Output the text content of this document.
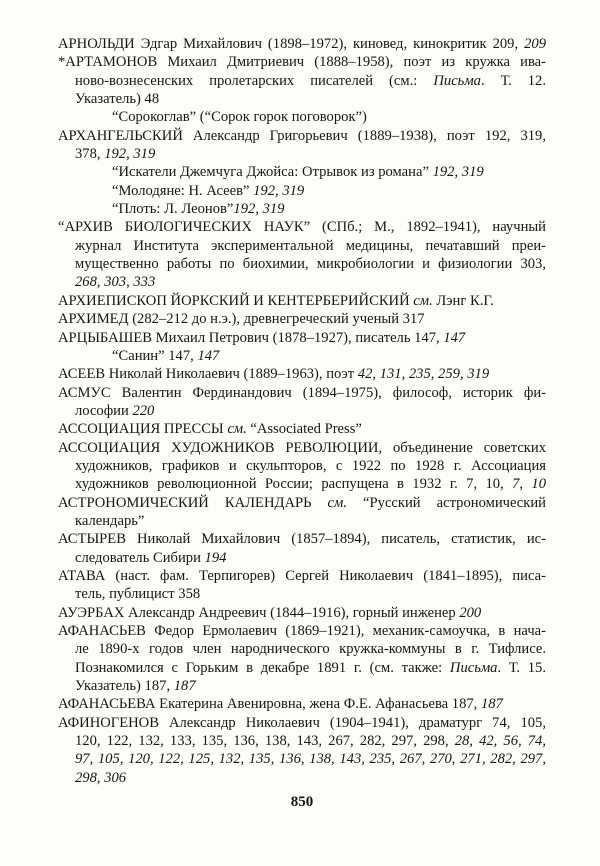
АРНОЛЬДИ Эдгар Михайлович (1898–1972), киновед, кинокритик 209, 209
*АРТАМОНОВ Михаил Дмитриевич (1888–1958), поэт из кружка ива-
ново-вознесенских пролетарских писателей (см.: Письма. Т. 12.
Указатель) 48
“Сорокоглав” (“Сорок горок поговорок”)
АРХАНГЕЛЬСКИЙ Александр Григорьевич (1889–1938), поэт 192, 319,
378, 192, 319
“Искатели Джемчуга Джойса: Отрывок из романа” 192, 319
“Молодяне: Н. Асеев” 192, 319
“Плоть: Л. Леонов”192, 319
“АРХИВ БИОЛОГИЧЕСКИХ НАУК” (СПб.; М., 1892–1941), научный
журнал Института экспериментальной медицины, печатавший преи-
мущественно работы по биохимии, микробиологии и физиологии 303,
268, 303, 333
АРХИЕПИСКОП ЙОРКСКИЙ И КЕНТЕРБЕРИЙСКИЙ см. Лэнг К.Г.
АРХИМЕД (282–212 до н.э.), древнегреческий ученый 317
АРЦЫБАШЕВ Михаил Петрович (1878–1927), писатель 147, 147
“Санин” 147, 147
АСЕЕВ Николай Николаевич (1889–1963), поэт 42, 131, 235, 259, 319
АСМУС Валентин Фердинандович (1894–1975), философ, историк фи-
лософии 220
АССОЦИАЦИЯ ПРЕССЫ см. “Associated Press”
АССОЦИАЦИЯ ХУДОЖНИКОВ РЕВОЛЮЦИИ, объединение советских
художников, графиков и скульпторов, с 1922 по 1928 г. Ассоциация
художников революционной России; распущена в 1932 г. 7, 10, 7, 10
АСТРОНОМИЧЕСКИЙ КАЛЕНДАРЬ см. “Русский астрономический
календарь”
АСТЫРЕВ Николай Михайлович (1857–1894), писатель, статистик, ис-
следователь Сибири 194
АТАВА (наст. фам. Терпигорев) Сергей Николаевич (1841–1895), писа-
тель, публицист 358
АУЭРБАХ Александр Андреевич (1844–1916), горный инженер 200
АФАНАСЬЕВ Федор Ермолаевич (1869–1921), механик-самоучка, в нача-
ле 1890-х годов член народнического кружка-коммуны в г. Тифлисе.
Познакомился с Горьким в декабре 1891 г. (см. также: Письма. Т. 15.
Указатель) 187, 187
АФАНАСЬЕВА Екатерина Авенировна, жена Ф.Е. Афанасьева 187, 187
АФИНОГЕНОВ Александр Николаевич (1904–1941), драматург 74, 105,
120, 122, 132, 133, 135, 136, 138, 143, 267, 282, 297, 298, 28, 42, 56, 74,
97, 105, 120, 122, 125, 132, 135, 136, 138, 143, 235, 267, 270, 271, 282, 297,
298, 306
850
